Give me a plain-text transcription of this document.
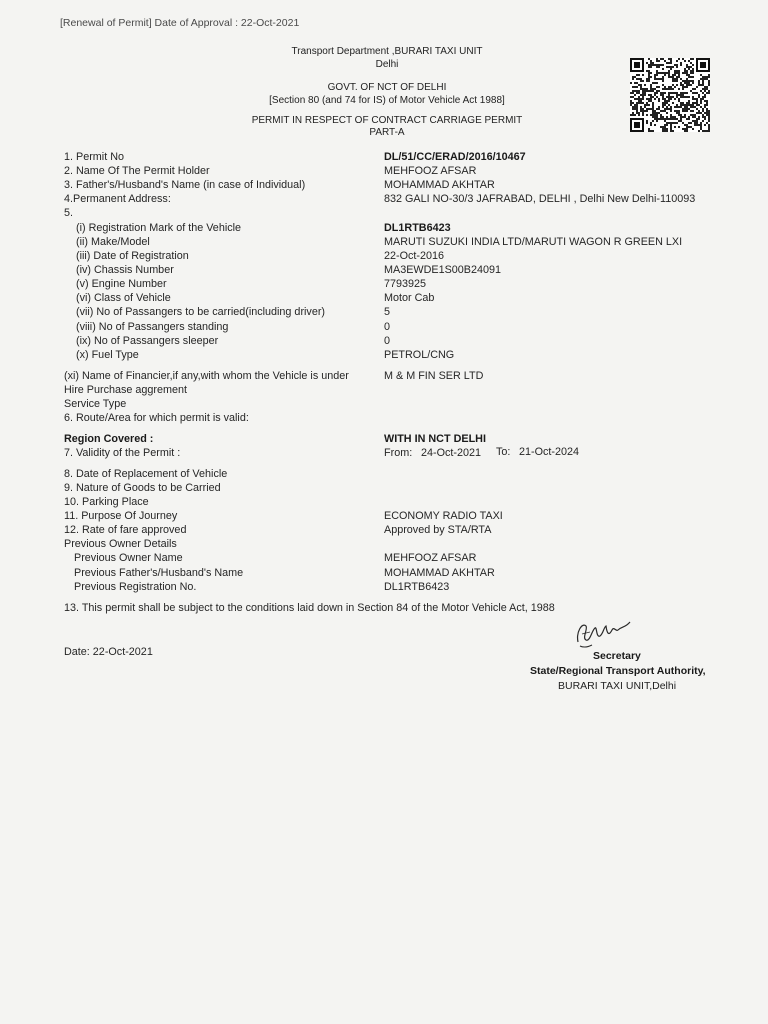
[Renewal of Permit] Date of Approval : 22-Oct-2021
Transport Department ,BURARI TAXI UNIT
Delhi
GOVT. OF NCT OF DELHI
[Section 80 (and 74 for IS) of Motor Vehicle Act 1988]
PERMIT IN RESPECT OF CONTRACT CARRIAGE PERMIT
PART-A
1. Permit No	DL/51/CC/ERAD/2016/10467
2. Name Of The Permit Holder	MEHFOOZ AFSAR
3. Father's/Husband's Name (in case of Individual)	MOHAMMAD AKHTAR
4.Permanent Address:	832 GALI NO-30/3 JAFRABAD, DELHI , Delhi New Delhi-110093
5.
(i) Registration Mark of the Vehicle	DL1RTB6423
(ii) Make/Model	MARUTI SUZUKI INDIA LTD/MARUTI WAGON R GREEN LXI
(iii) Date of Registration	22-Oct-2016
(iv) Chassis Number	MA3EWDE1S00B24091
(v) Engine Number	7793925
(vi) Class of Vehicle	Motor Cab
(vii) No of Passangers to be carried(including driver)	5
(viii) No of Passangers standing	0
(ix) No of Passangers sleeper	0
(x) Fuel Type	PETROL/CNG
(xi) Name of Financier,if any,with whom the Vehicle is under	M & M FIN SER LTD
Hire Purchase aggrement
Service Type
6. Route/Area for which permit is valid:
Region Covered :	WITH IN NCT DELHI
7. Validity of the Permit :	From: 24-Oct-2021 To: 21-Oct-2024
8. Date of Replacement of Vehicle
9. Nature of Goods to be Carried
10. Parking Place
11. Purpose Of Journey	ECONOMY RADIO TAXI
12. Rate of fare approved	Approved by STA/RTA
Previous Owner Details
Previous Owner Name	MEHFOOZ AFSAR
Previous Father's/Husband's Name	MOHAMMAD AKHTAR
Previous Registration No.	DL1RTB6423
13. This permit shall be subject to the conditions laid down in Section 84 of the Motor Vehicle Act, 1988
Date: 22-Oct-2021	Secretary
State/Regional Transport Authority,
BURARI TAXI UNIT,Delhi
